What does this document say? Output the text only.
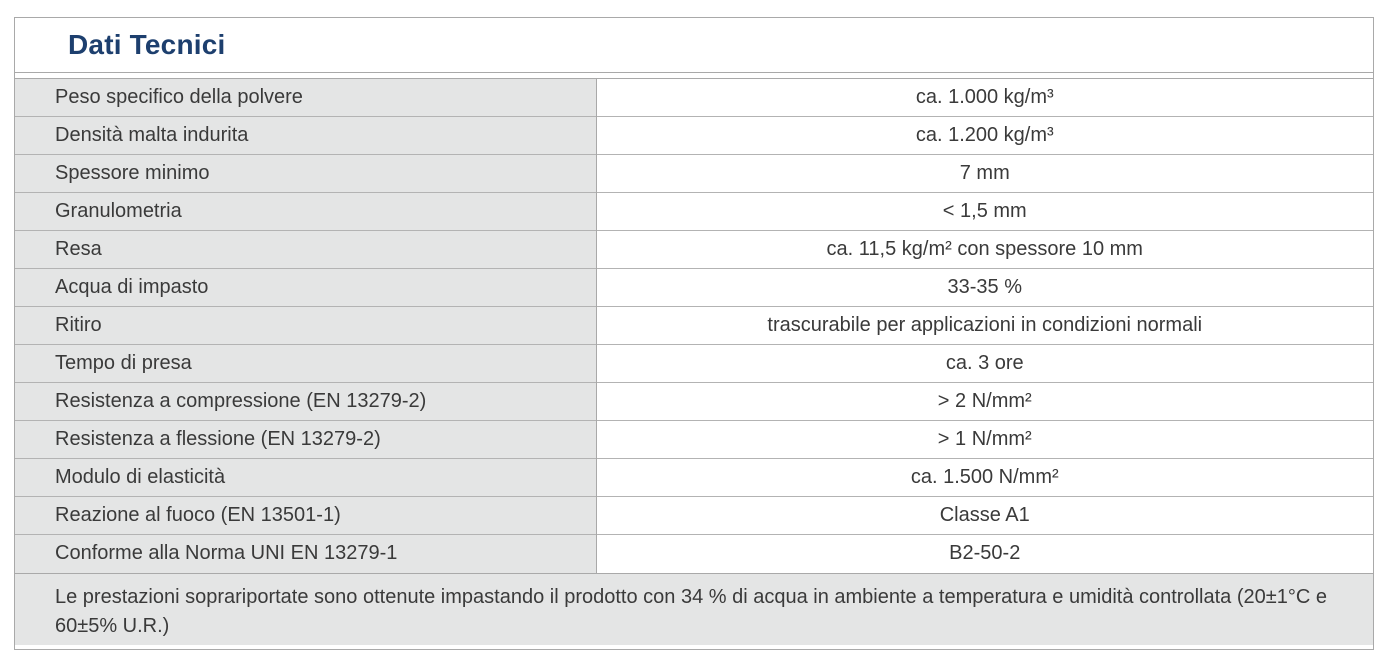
Dati Tecnici
Peso specifico della polvere	ca. 1.000 kg/m³
Densità malta indurita	ca. 1.200 kg/m³
Spessore minimo	7 mm
Granulometria	< 1,5 mm
Resa	ca. 11,5 kg/m² con spessore 10 mm
Acqua di impasto	33-35 %
Ritiro	trascurabile per applicazioni in condizioni normali
Tempo di presa	ca. 3 ore
Resistenza a compressione (EN 13279-2)	> 2 N/mm²
Resistenza a flessione (EN 13279-2)	> 1 N/mm²
Modulo di elasticità	ca. 1.500 N/mm²
Reazione al fuoco (EN 13501-1)	Classe A1
Conforme alla Norma UNI EN 13279-1	B2-50-2
Le prestazioni soprariportate sono ottenute impastando il prodotto con 34 % di acqua in ambiente a temperatura e umidità controllata (20±1°C e 60±5% U.R.)
